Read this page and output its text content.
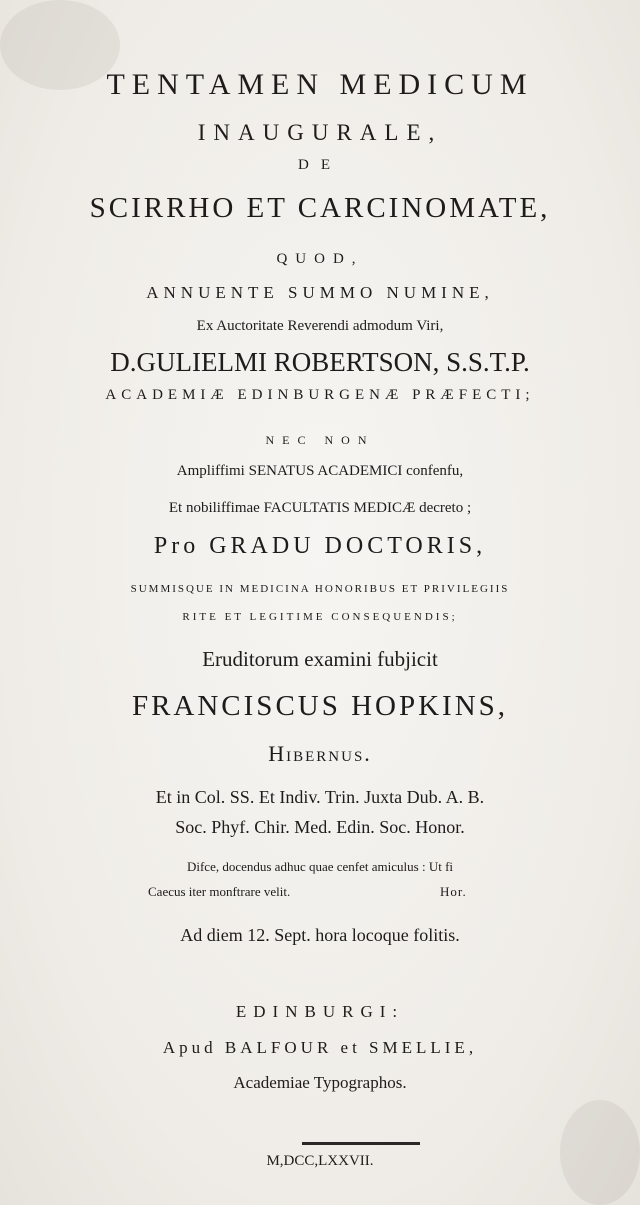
TENTAMEN MEDICUM
INAUGURALE,
DE
SCIRRHO ET CARCINOMATE,
QUOD,
ANNUENTE SUMMO NUMINE,
Ex Auctoritate Reverendi admodum Viri,
D.GULIELMI ROBERTSON, S.S.T.P.
ACADEMIÆ EDINBURGENÆ PRÆFECTI;
NEC NON
Ampliffimi SENATUS ACADEMICI confenfu,
Et nobiliffimae FACULTATIS MEDICÆ decreto ;
Pro GRADU DOCTORIS,
SUMMISQUE IN MEDICINA HONORIBUS ET PRIVILEGIIS
RITE ET LEGITIME CONSEQUENDIS;
Eruditorum examini fubjicit
FRANCISCUS HOPKINS,
Hibernus.
Et in Col. SS. Et Indiv. Trin. Juxta Dub. A. B.
Soc. Phyf. Chir. Med. Edin. Soc. Honor.
Difce, docendus adhuc quae cenfet amiculus : Ut fi
Caecus iter monftrare velit.	Hor.
Ad diem 12. Sept. hora locoque folitis.
EDINBURGI:
Apud BALFOUR et SMELLIE,
Academiae Typographos.
M,DCC,LXXVII.
